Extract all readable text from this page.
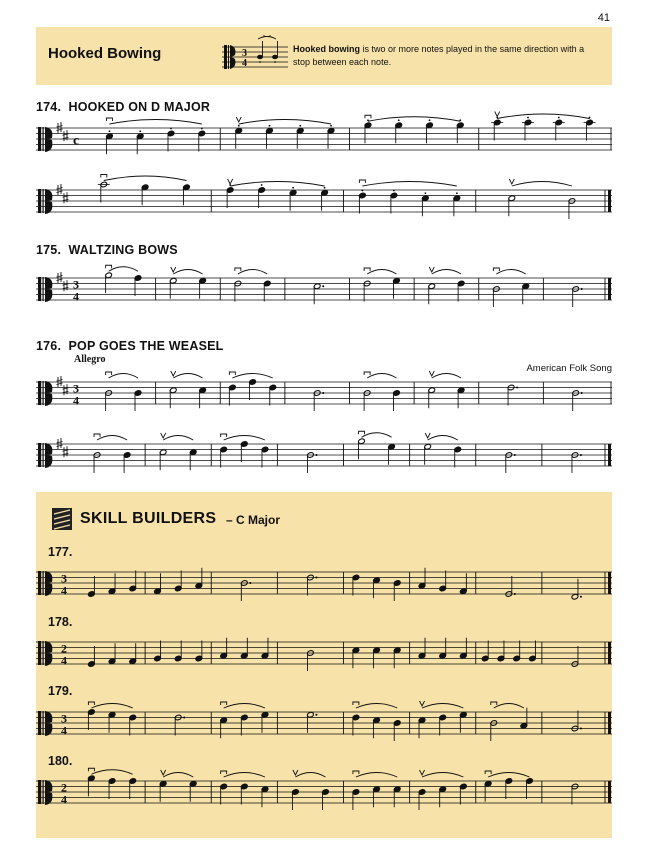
41
Hooked Bowing	3
4
Hooked bowing is two or more notes played in the same direction with a stop between each note.
174. HOOKED ON D MAJOR
175. WALTZING BOWS
176. POP GOES THE WEASEL
Allegro
American Folk Song
c
3
4
3
4
SKILL BUILDERS – C Major
177.
178.
179.
180.
3
4
2
4
3
4
2
4
